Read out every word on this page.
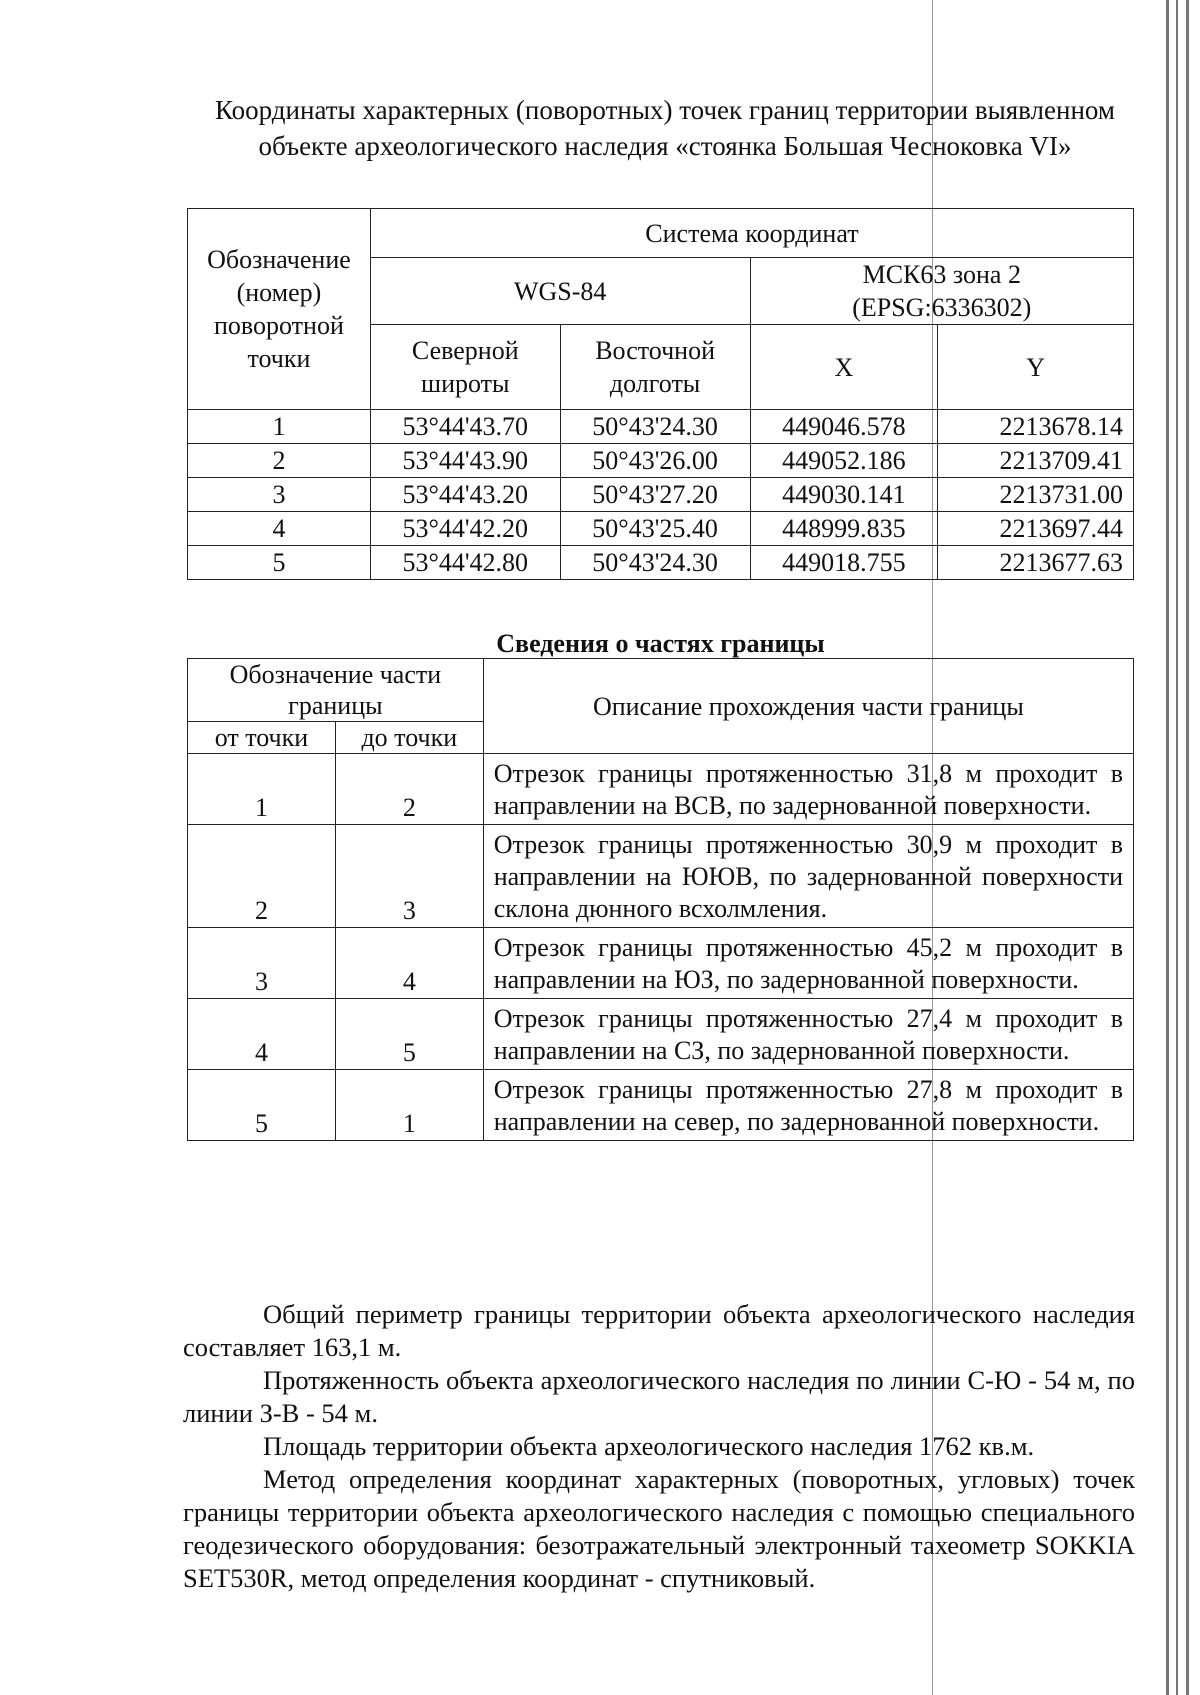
Координаты характерных (поворотных) точек границ территории выявленном объекте археологического наследия «стоянка Большая Чесноковка VI»
Обозначение (номер) поворотной точки	Система координат			
	WGS-84		МСК63 зона 2 (EPSG:6336302)	
	Северной широты	Восточной долготы	X	Y
1	53°44'43.70	50°43'24.30	449046.578	2213678.14
2	53°44'43.90	50°43'26.00	449052.186	2213709.41
3	53°44'43.20	50°43'27.20	449030.141	2213731.00
4	53°44'42.20	50°43'25.40	448999.835	2213697.44
5	53°44'42.80	50°43'24.30	449018.755	2213677.63
Сведения о частях границы
Обозначение части границы		Описание прохождения части границы
от точки	до точки	
1	2	Отрезок границы протяженностью 31,8 м проходит в направлении на ВСВ, по задернованной поверхности.
2	3	Отрезок границы протяженностью 30,9 м проходит в направлении на ЮЮВ, по задернованной поверхности склона дюнного всхолмления.
3	4	Отрезок границы протяженностью 45,2 м проходит в направлении на ЮЗ, по задернованной поверхности.
4	5	Отрезок границы протяженностью 27,4 м проходит в направлении на СЗ, по задернованной поверхности.
5	1	Отрезок границы протяженностью 27,8 м проходит в направлении на север, по задернованной поверхности.

Общий периметр границы территории объекта археологического наследия составляет 163,1 м.

Протяженность объекта археологического наследия по линии С-Ю - 54 м, по линии З-В - 54 м.

Площадь территории объекта археологического наследия 1762 кв.м.

Метод определения координат характерных (поворотных, угловых) точек границы территории объекта археологического наследия с помощью специального геодезического оборудования: безотражательный электронный тахеометр SOKKIA SET530R, метод определения координат - спутниковый.
